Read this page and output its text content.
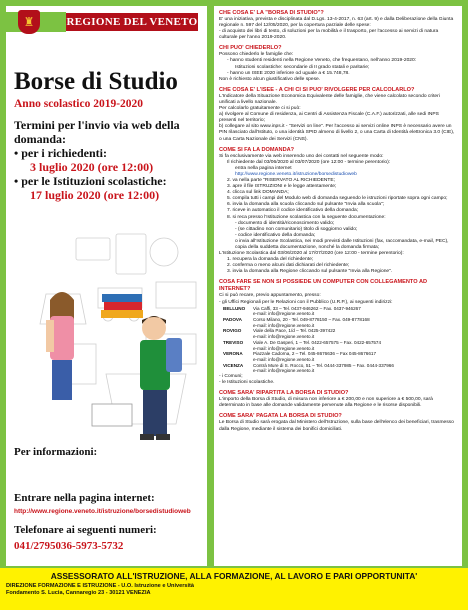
♜	REGIONE DEL VENETO
Borse di Studio
Anno scolastico 2019-2020
Termini per l'invio via web della domanda:
• per i richiedenti:
3 luglio 2020 (ore 12:00)
• per le Istituzioni scolastiche:
17 luglio 2020 (ore 12:00)
Per informazioni:
Entrare nella pagina internet:
http://www.regione.veneto.it/istruzione/borsedistudioweb
Telefonare ai seguenti numeri:
041/2795036-5973-5732
CHE COSA E' LA "BORSA DI STUDIO"?
E' una iniziativa, prevista e disciplinata dal D.Lgs. 13-4-2017, n. 63 (art. 9) e dalla Deliberazione della Giunta regionale n. 597 del 12/05/2020, per la copertura parziale delle spese:
- di acquisto dei libri di testo, di soluzioni per la mobilità e il trasporto, per l'accesso ai servizi di natura culturale per l'anno 2019-2020.
CHI PUO' CHIEDERLO?
Possono chiederlo le famiglie che:
- hanno studenti residenti nella Regione Veneto, che frequentano, nell'anno 2019-2020:
Istituzioni scolastiche: secondarie di II grado statali e paritarie;
- hanno un ISEE 2020 inferiore od uguale a € 15.748,78.
Non è richiesto alcun giustificativo delle spese.
CHE COSA E' L'ISEE - A CHI CI SI PUO' RIVOLGERE PER CALCOLARLO?
L'Indicatore della Situazione Economica Equivalente delle famiglie, che viene calcolato secondo criteri unificati a livello nazionale.
Per calcolarlo gratuitamente ci si può:
a) rivolgere al Comune di residenza, ai Centri di Assistenza Fiscale (C.A.F.) autorizzati, alle sedi INPS presenti nel territorio;
b) collegare al sito www.inps.it - "Servizi on line". Per l'accesso ai servizi online INPS è necessario avere un PIN rilasciato dall'Istituto, o una identità SPID almeno di livello 2, o una Carta di Identità elettronica 3.0 (CIE), o una Carta Nazionale dei Servizi (CNS).
COME SI FA LA DOMANDA?
Si fa esclusivamente via web inserendo uno dei contatti nel seguente modo:
Il richiedente dal 03/06/2020 al 03/07/2020 (ore 12:00 - termine perentorio):
entra nella pagina internet
http://www.regione.veneto.it/istruzione/borsedistudioweb
2. va nella parte "RISERVATO AL RICHIEDENTE;
3. apre il file ISTRUZIONI e le legge attentamente;
4. clicca sul link DOMANDA;
5. compila tutti i campi del Modulo web di domanda seguendo le istruzioni riportate sopra ogni campo;
6. invia la domanda alla scuola cliccando sul pulsante "Invia alla scuola";
7. riceve in automatico il codice identificativo della domanda;
8. si reca presso l'Istituzione scolastica con la seguente documentazione:
- documento di identità/riconoscimento valido;
- (se cittadino non comunitario) titolo di soggiorno valido;
- codice identificativo della domanda;
o invia all'Istituzione Scolastica, nei modi previsti dalle Istituzioni (fax, raccomandata, e-mail, PEC), copia della suddetta documentazione, nonché la domanda firmata;
L'Istituzione Scolastica dal 03/06/2020 al 17/07/2020 (ore 12:00 - termine perentorio):
1. recupera la domanda del richiedente;
2. conferma o meno alcuni dati dichiarati del richiedente;
3. invia la domanda alla Regione cliccando sul pulsante "Invia alla Regione".
COSA FARE SE NON SI POSSIEDE UN COMPUTER CON COLLEGAMENTO AD INTERNET?
Ci si può recare, previo appuntamento, presso:
- gli Uffici Regionali per le Relazioni con il Pubblico (U.R.P.), ai seguenti indirizzi:
BELLUNO	Via Caffi, 33 – Tel. 0437-946262 – Fax. 0437-946267
e-mail: info@regione.veneto.it
PADOVA	Corso Milano, 20 - Tel. 049-8778150 – Fax. 049-8778168
e-mail: info@regione.veneto.it
ROVIGO	Viale della Pace, 1/d – Tel. 0425-397422
e-mail: info@regione.veneto.it
TREVISO	Viale A. De Gasperi, 1 – Tel. 0422-657575 – Fax. 0422-657574
e-mail: info@regione.veneto.it
VERONA	Piazzale Cadorna, 2 – Tel. 045-8676636 – Fax 045-8676617
e-mail: info@regione.veneto.it
VICENZA	Contrà Mure di S. Rocco, 51 – Tel. 0444-337985 – Fax. 0444-337966
e-mail: info@regione.veneto.it
- i Comuni;
- le Istituzioni scolastiche.
COME SARA' RIPARTITA LA BORSA DI STUDIO?
L'importo della Borsa di Studio, di misura non inferiore a € 200,00 e non superiore a € 500,00, sarà determinato in base alle domande validamente pervenute alla Regione e le risorse disponibili.
COME SARA' PAGATA LA BORSA DI STUDIO?
Le Borsa di Studio sarà erogata dal Ministero dell'Istruzione, sulla base dell'elenco dei beneficiari, trasmesso dalla Regione, mediante il sistema dei bonifici domiciliati.
ASSESSORATO ALL'ISTRUZIONE, ALLA FORMAZIONE, AL LAVORO E PARI OPPORTUNITA'
DIREZIONE FORMAZIONE E ISTRUZIONE - U.O. Istruzione e Università
Fondamento S. Lucia, Cannaregio 23 - 30121 VENEZIA
